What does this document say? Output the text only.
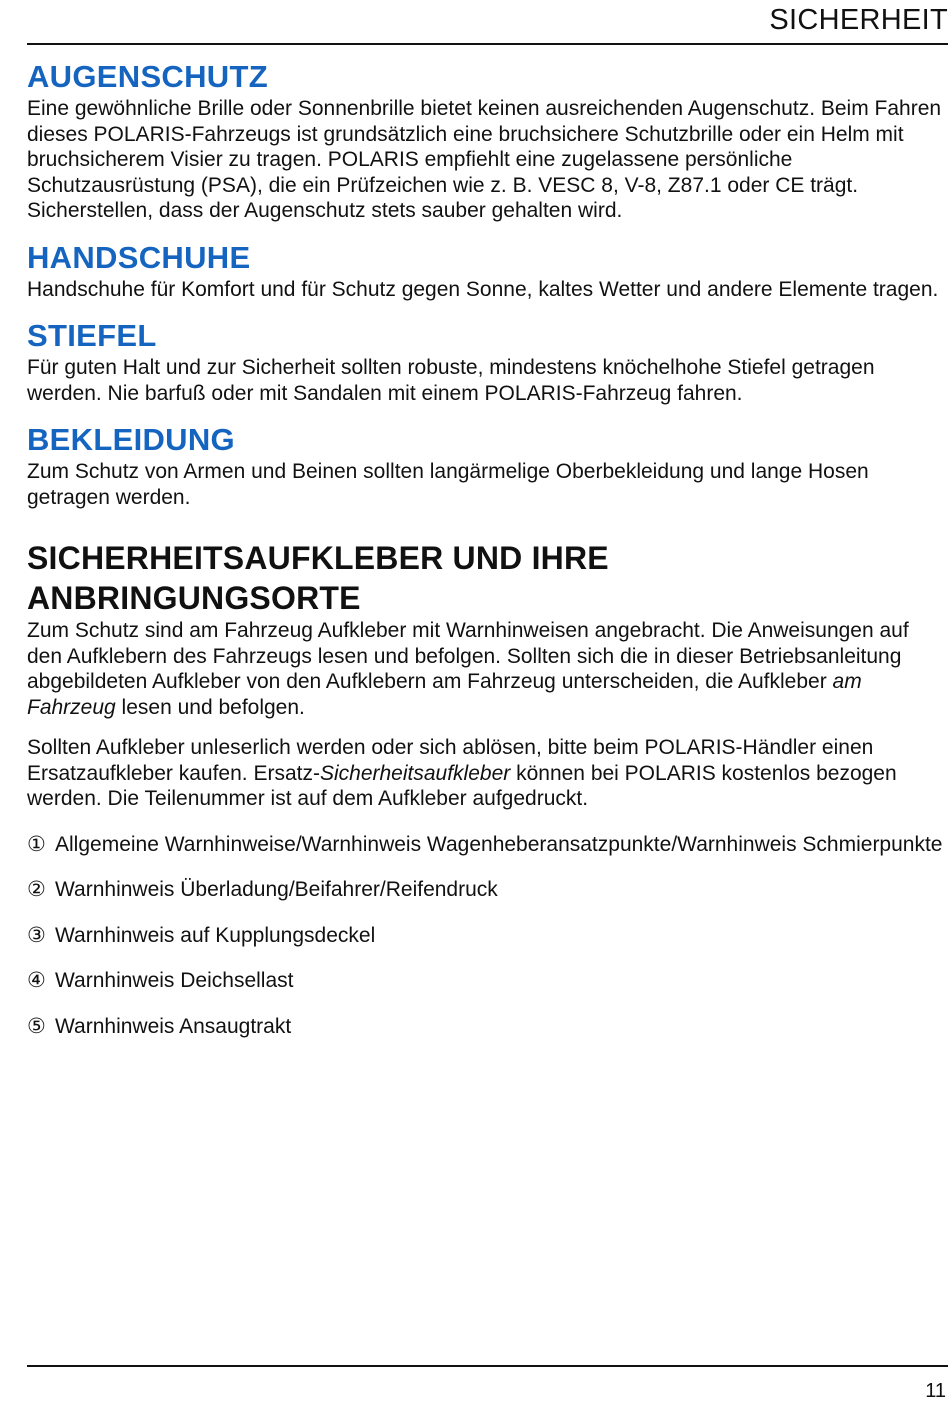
SICHERHEIT
AUGENSCHUTZ

Eine gewöhnliche Brille oder Sonnenbrille bietet keinen ausreichenden Augenschutz. Beim Fahren dieses POLARIS-Fahrzeugs ist grundsätzlich eine bruchsichere Schutzbrille oder ein Helm mit bruchsicherem Visier zu tragen. POLARIS empfiehlt eine zugelassene persönliche Schutzausrüstung (PSA), die ein Prüfzeichen wie z. B. VESC 8, V-8, Z87.1 oder CE trägt. Sicherstellen, dass der Augenschutz stets sauber gehalten wird.

HANDSCHUHE

Handschuhe für Komfort und für Schutz gegen Sonne, kaltes Wetter und andere Elemente tragen.

STIEFEL

Für guten Halt und zur Sicherheit sollten robuste, mindestens knöchelhohe Stiefel getragen werden. Nie barfuß oder mit Sandalen mit einem POLARIS-Fahrzeug fahren.

BEKLEIDUNG

Zum Schutz von Armen und Beinen sollten langärmelige Oberbekleidung und lange Hosen getragen werden.

SICHERHEITSAUFKLEBER UND IHRE
ANBRINGUNGSORTE

Zum Schutz sind am Fahrzeug Aufkleber mit Warnhinweisen angebracht. Die Anweisungen auf den Aufklebern des Fahrzeugs lesen und befolgen. Sollten sich die in dieser Betriebsanleitung abgebildeten Aufkleber von den Aufklebern am Fahrzeug unterscheiden, die Aufkleber am Fahrzeug lesen und befolgen.

Sollten Aufkleber unleserlich werden oder sich ablösen, bitte beim POLARIS-Händler einen Ersatzaufkleber kaufen. Ersatz-Sicherheitsaufkleber können bei POLARIS kostenlos bezogen werden. Die Teilenummer ist auf dem Aufkleber aufgedruckt.

① Allgemeine Warnhinweise/Warnhinweis Wagenheberansatzpunkte/Warnhinweis Schmierpunkte
② Warnhinweis Überladung/Beifahrer/Reifendruck
③ Warnhinweis auf Kupplungsdeckel
④ Warnhinweis Deichsellast
⑤ Warnhinweis Ansaugtrakt
11
